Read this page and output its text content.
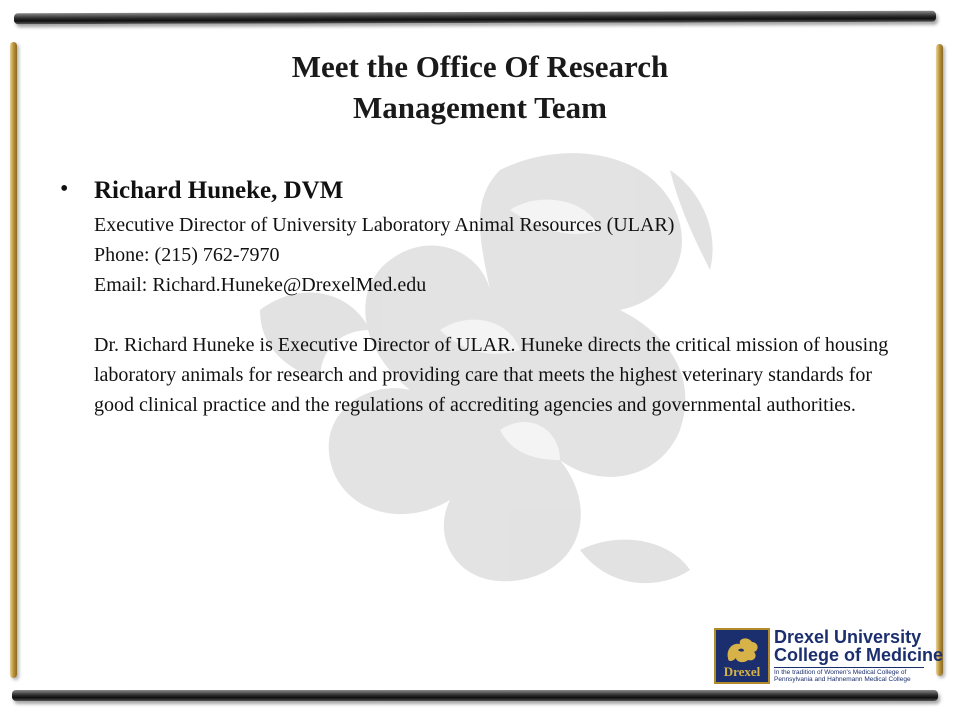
Meet the Office Of Research
Management Team
• Richard Huneke, DVM
Executive Director of University Laboratory Animal Resources (ULAR)
Phone: (215) 762-7970
Email: Richard.Huneke@DrexelMed.edu
Dr. Richard Huneke is Executive Director of ULAR. Huneke directs the critical mission of housing laboratory animals for research and providing care that meets the highest veterinary standards for good clinical practice and the regulations of accrediting agencies and governmental authorities.
Drexel
Drexel University
College of Medicine
In the tradition of Women's Medical College of
Pennsylvania and Hahnemann Medical College
